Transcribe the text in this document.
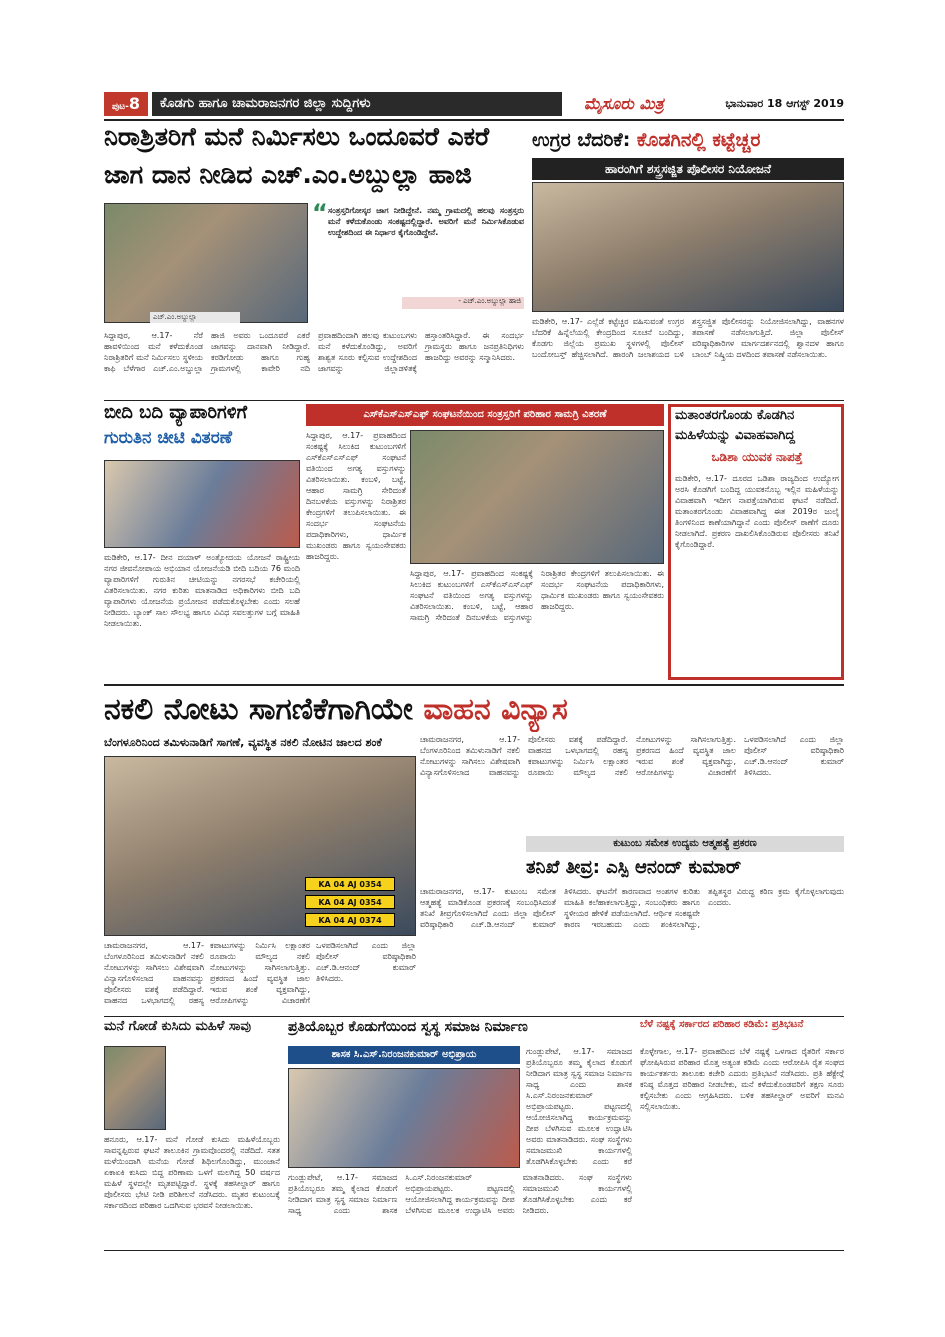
ಪುಟ-8	ಕೊಡಗು ಹಾಗೂ ಚಾಮರಾಜನಗರ ಜಿಲ್ಲಾ ಸುದ್ದಿಗಳು	ಮೈಸೂರು ಮಿತ್ರ	ಭಾನುವಾರ 18 ಆಗಸ್ಟ್ 2019
ನಿರಾಶ್ರಿತರಿಗೆ ಮನೆ ನಿರ್ಮಿಸಲು ಒಂದೂವರೆ ಎಕರೆ
ಜಾಗ ದಾನ ನೀಡಿದ ಎಚ್.ಎಂ.ಅಬ್ದುಲ್ಲಾ ಹಾಜಿ
ಎಚ್.ಎಂ.ಅಬ್ದುಲ್ಲಾ
“ ಸಂತ್ರಸ್ತರಿಗೋಸ್ಕರ ಜಾಗ ನೀಡಿದ್ದೇನೆ. ನಮ್ಮ ಗ್ರಾಮದಲ್ಲಿ ಹಲವು ಸಂತ್ರಸ್ತರು ಮನೆ ಕಳೆದುಕೊಂಡು ಸಂಕಷ್ಟದಲ್ಲಿದ್ದಾರೆ. ಅವರಿಗೆ ಮನೆ ನಿರ್ಮಿಸಿಕೊಡುವ ಉದ್ದೇಶದಿಂದ ಈ ನಿರ್ಧಾರ ಕೈಗೊಂಡಿದ್ದೇನೆ.
- ಎಚ್.ಎಂ.ಅಬ್ದುಲ್ಲಾ ಹಾಜಿ
ಸಿದ್ದಾಪುರ, ಆ.17- ನೆರೆ ಹಾವಳಿಯಿಂದ ಮನೆ ಕಳೆದುಕೊಂಡ ನಿರಾಶ್ರಿತರಿಗೆ ಮನೆ ನಿರ್ಮಿಸಲು ಸ್ಥಳೀಯ ಕಾಫಿ ಬೆಳೆಗಾರ ಎಚ್.ಎಂ.ಅಬ್ದುಲ್ಲಾ ಹಾಜಿ ಅವರು ಒಂದೂವರೆ ಎಕರೆ ಜಾಗವನ್ನು ದಾನವಾಗಿ ನೀಡಿದ್ದಾರೆ. ಕರಡಿಗೋಡು ಹಾಗೂ ಗುಹ್ಯ ಗ್ರಾಮಗಳಲ್ಲಿ ಕಾವೇರಿ ನದಿ ಪ್ರವಾಹದಿಂದಾಗಿ ಹಲವು ಕುಟುಂಬಗಳು ಮನೆ ಕಳೆದುಕೊಂಡಿದ್ದು, ಅವರಿಗೆ ಶಾಶ್ವತ ಸೂರು ಕಲ್ಪಿಸುವ ಉದ್ದೇಶದಿಂದ ಜಾಗವನ್ನು ಜಿಲ್ಲಾಡಳಿತಕ್ಕೆ ಹಸ್ತಾಂತರಿಸಿದ್ದಾರೆ. ಈ ಸಂದರ್ಭ ಗ್ರಾಮಸ್ಥರು ಹಾಗೂ ಜನಪ್ರತಿನಿಧಿಗಳು ಹಾಜರಿದ್ದು ಅವರನ್ನು ಸನ್ಮಾನಿಸಿದರು.
ಉಗ್ರರ ಬೆದರಿಕೆ: ಕೊಡಗಿನಲ್ಲಿ ಕಟ್ಟೆಚ್ಚರ
ಹಾರಂಗಿಗೆ ಶಸ್ತ್ರಸಜ್ಜಿತ ಪೊಲೀಸರ ನಿಯೋಜನೆ
ಮಡಿಕೇರಿ, ಆ.17- ಎಲ್ಲೆಡೆ ಕಟ್ಟೆಚ್ಚರ ವಹಿಸುವಂತೆ ಉಗ್ರರ ಬೆದರಿಕೆ ಹಿನ್ನೆಲೆಯಲ್ಲಿ ಕೇಂದ್ರದಿಂದ ಸೂಚನೆ ಬಂದಿದ್ದು, ಕೊಡಗು ಜಿಲ್ಲೆಯ ಪ್ರಮುಖ ಸ್ಥಳಗಳಲ್ಲಿ ಪೊಲೀಸ್ ಬಂದೋಬಸ್ತ್ ಹೆಚ್ಚಿಸಲಾಗಿದೆ. ಹಾರಂಗಿ ಜಲಾಶಯದ ಬಳಿ ಶಸ್ತ್ರಸಜ್ಜಿತ ಪೊಲೀಸರನ್ನು ನಿಯೋಜಿಸಲಾಗಿದ್ದು, ವಾಹನಗಳ ತಪಾಸಣೆ ನಡೆಸಲಾಗುತ್ತಿದೆ. ಜಿಲ್ಲಾ ಪೊಲೀಸ್ ವರಿಷ್ಠಾಧಿಕಾರಿಗಳ ಮಾರ್ಗದರ್ಶನದಲ್ಲಿ ಶ್ವಾನದಳ ಹಾಗೂ ಬಾಂಬ್ ನಿಷ್ಕ್ರಿಯ ದಳದಿಂದ ತಪಾಸಣೆ ನಡೆಸಲಾಯಿತು.
ಬೀದಿ ಬದಿ ವ್ಯಾಪಾರಿಗಳಿಗೆ
ಗುರುತಿನ ಚೀಟಿ ವಿತರಣೆ
ಮಡಿಕೇರಿ, ಆ.17- ದೀನ ದಯಾಳ್ ಅಂತ್ಯೋದಯ ಯೋಜನೆ ರಾಷ್ಟ್ರೀಯ ನಗರ ಜೀವನೋಪಾಯ ಅಭಿಯಾನ ಯೋಜನೆಯಡಿ ಬೀದಿ ಬದಿಯ 76 ಮಂದಿ ವ್ಯಾಪಾರಿಗಳಿಗೆ ಗುರುತಿನ ಚೀಟಿಯನ್ನು ನಗರಸಭೆ ಕಚೇರಿಯಲ್ಲಿ ವಿತರಿಸಲಾಯಿತು. ನಗರ ಕುರಿತು ಮಾತನಾಡಿದ ಅಧಿಕಾರಿಗಳು ಬೀದಿ ಬದಿ ವ್ಯಾಪಾರಿಗಳು ಯೋಜನೆಯ ಪ್ರಯೋಜನ ಪಡೆದುಕೊಳ್ಳಬೇಕು ಎಂದು ಸಲಹೆ ನೀಡಿದರು. ಬ್ಯಾಂಕ್ ಸಾಲ ಸೌಲಭ್ಯ ಹಾಗೂ ವಿವಿಧ ಸವಲತ್ತುಗಳ ಬಗ್ಗೆ ಮಾಹಿತಿ ನೀಡಲಾಯಿತು.
ಎಸ್‍ಕೆಎಸ್‍ಎಸ್‍ಎಫ್ ಸಂಘಟನೆಯಿಂದ ಸಂತ್ರಸ್ತರಿಗೆ ಪರಿಹಾರ ಸಾಮಗ್ರಿ ವಿತರಣೆ
ಸಿದ್ದಾಪುರ, ಆ.17- ಪ್ರವಾಹದಿಂದ ಸಂಕಷ್ಟಕ್ಕೆ ಸಿಲುಕಿದ ಕುಟುಂಬಗಳಿಗೆ ಎಸ್‍ಕೆಎಸ್‍ಎಸ್‍ಎಫ್ ಸಂಘಟನೆ ವತಿಯಿಂದ ಅಗತ್ಯ ವಸ್ತುಗಳನ್ನು ವಿತರಿಸಲಾಯಿತು. ಕಂಬಳಿ, ಬಟ್ಟೆ, ಆಹಾರ ಸಾಮಗ್ರಿ ಸೇರಿದಂತೆ ದಿನಬಳಕೆಯ ವಸ್ತುಗಳನ್ನು ನಿರಾಶ್ರಿತರ ಕೇಂದ್ರಗಳಿಗೆ ತಲುಪಿಸಲಾಯಿತು. ಈ ಸಂದರ್ಭ ಸಂಘಟನೆಯ ಪದಾಧಿಕಾರಿಗಳು, ಧಾರ್ಮಿಕ ಮುಖಂಡರು ಹಾಗೂ ಸ್ವಯಂಸೇವಕರು ಹಾಜರಿದ್ದರು.
ಸಿದ್ದಾಪುರ, ಆ.17- ಪ್ರವಾಹದಿಂದ ಸಂಕಷ್ಟಕ್ಕೆ ಸಿಲುಕಿದ ಕುಟುಂಬಗಳಿಗೆ ಎಸ್‍ಕೆಎಸ್‍ಎಸ್‍ಎಫ್ ಸಂಘಟನೆ ವತಿಯಿಂದ ಅಗತ್ಯ ವಸ್ತುಗಳನ್ನು ವಿತರಿಸಲಾಯಿತು. ಕಂಬಳಿ, ಬಟ್ಟೆ, ಆಹಾರ ಸಾಮಗ್ರಿ ಸೇರಿದಂತೆ ದಿನಬಳಕೆಯ ವಸ್ತುಗಳನ್ನು ನಿರಾಶ್ರಿತರ ಕೇಂದ್ರಗಳಿಗೆ ತಲುಪಿಸಲಾಯಿತು. ಈ ಸಂದರ್ಭ ಸಂಘಟನೆಯ ಪದಾಧಿಕಾರಿಗಳು, ಧಾರ್ಮಿಕ ಮುಖಂಡರು ಹಾಗೂ ಸ್ವಯಂಸೇವಕರು ಹಾಜರಿದ್ದರು.
ಮತಾಂತರಗೊಂಡು ಕೊಡಗಿನ
ಮಹಿಳೆಯನ್ನು ವಿವಾಹವಾಗಿದ್ದ
ಒಡಿಶಾ ಯುವಕ ನಾಪತ್ತೆ
ಮಡಿಕೇರಿ, ಆ.17- ದೂರದ ಒಡಿಶಾ ರಾಜ್ಯದಿಂದ ಉದ್ಯೋಗ ಅರಸಿ ಕೊಡಗಿಗೆ ಬಂದಿದ್ದ ಯುವಕನೊಬ್ಬ ಇಲ್ಲಿನ ಮಹಿಳೆಯನ್ನು ವಿವಾಹವಾಗಿ ಇದೀಗ ನಾಪತ್ತೆಯಾಗಿರುವ ಘಟನೆ ನಡೆದಿದೆ. ಮತಾಂತರಗೊಂಡು ವಿವಾಹವಾಗಿದ್ದ ಈತ 2019ರ ಜುಲೈ ತಿಂಗಳಿನಿಂದ ಕಾಣೆಯಾಗಿದ್ದಾನೆ ಎಂದು ಪೊಲೀಸ್ ಠಾಣೆಗೆ ದೂರು ನೀಡಲಾಗಿದೆ. ಪ್ರಕರಣ ದಾಖಲಿಸಿಕೊಂಡಿರುವ ಪೊಲೀಸರು ತನಿಖೆ ಕೈಗೊಂಡಿದ್ದಾರೆ.
ನಕಲಿ ನೋಟು ಸಾಗಣಿಕೆಗಾಗಿಯೇ ವಾಹನ ವಿನ್ಯಾಸ
ಬೆಂಗಳೂರಿನಿಂದ ತಮಿಳುನಾಡಿಗೆ ಸಾಗಣೆ, ವ್ಯವಸ್ಥಿತ ನಕಲಿ ನೋಟಿನ ಜಾಲದ ಶಂಕೆ
KA 04 AJ 0354
KA 04 AJ 0354
KA 04 AJ 0374
ಚಾಮರಾಜನಗರ, ಆ.17- ಬೆಂಗಳೂರಿನಿಂದ ತಮಿಳುನಾಡಿಗೆ ನಕಲಿ ನೋಟುಗಳನ್ನು ಸಾಗಿಸಲು ವಿಶೇಷವಾಗಿ ವಿನ್ಯಾಸಗೊಳಿಸಲಾದ ವಾಹನವನ್ನು ಪೊಲೀಸರು ವಶಕ್ಕೆ ಪಡೆದಿದ್ದಾರೆ. ವಾಹನದ ಒಳಭಾಗದಲ್ಲಿ ರಹಸ್ಯ ಕಪಾಟುಗಳನ್ನು ನಿರ್ಮಿಸಿ ಲಕ್ಷಾಂತರ ರೂಪಾಯಿ ಮೌಲ್ಯದ ನಕಲಿ ನೋಟುಗಳನ್ನು ಸಾಗಿಸಲಾಗುತ್ತಿತ್ತು. ಪ್ರಕರಣದ ಹಿಂದೆ ವ್ಯವಸ್ಥಿತ ಜಾಲ ಇರುವ ಶಂಕೆ ವ್ಯಕ್ತವಾಗಿದ್ದು, ಆರೋಪಿಗಳನ್ನು ವಿಚಾರಣೆಗೆ ಒಳಪಡಿಸಲಾಗಿದೆ ಎಂದು ಜಿಲ್ಲಾ ಪೊಲೀಸ್ ವರಿಷ್ಠಾಧಿಕಾರಿ ಎಚ್.ಡಿ.ಆನಂದ್ ಕುಮಾರ್ ತಿಳಿಸಿದರು.
ಚಾಮರಾಜನಗರ, ಆ.17- ಬೆಂಗಳೂರಿನಿಂದ ತಮಿಳುನಾಡಿಗೆ ನಕಲಿ ನೋಟುಗಳನ್ನು ಸಾಗಿಸಲು ವಿಶೇಷವಾಗಿ ವಿನ್ಯಾಸಗೊಳಿಸಲಾದ ವಾಹನವನ್ನು ಪೊಲೀಸರು ವಶಕ್ಕೆ ಪಡೆದಿದ್ದಾರೆ. ವಾಹನದ ಒಳಭಾಗದಲ್ಲಿ ರಹಸ್ಯ ಕಪಾಟುಗಳನ್ನು ನಿರ್ಮಿಸಿ ಲಕ್ಷಾಂತರ ರೂಪಾಯಿ ಮೌಲ್ಯದ ನಕಲಿ ನೋಟುಗಳನ್ನು ಸಾಗಿಸಲಾಗುತ್ತಿತ್ತು. ಪ್ರಕರಣದ ಹಿಂದೆ ವ್ಯವಸ್ಥಿತ ಜಾಲ ಇರುವ ಶಂಕೆ ವ್ಯಕ್ತವಾಗಿದ್ದು, ಆರೋಪಿಗಳನ್ನು ವಿಚಾರಣೆಗೆ ಒಳಪಡಿಸಲಾಗಿದೆ ಎಂದು ಜಿಲ್ಲಾ ಪೊಲೀಸ್ ವರಿಷ್ಠಾಧಿಕಾರಿ ಎಚ್.ಡಿ.ಆನಂದ್ ಕುಮಾರ್ ತಿಳಿಸಿದರು.
ಕುಟುಂಬ ಸಮೇತ ಉದ್ಯಮ ಆತ್ಮಹತ್ಯೆ ಪ್ರಕರಣ
ತನಿಖೆ ತೀವ್ರ: ಎಸ್ಪಿ ಆನಂದ್ ಕುಮಾರ್
ಚಾಮರಾಜನಗರ, ಆ.17- ಕುಟುಂಬ ಸಮೇತ ಆತ್ಮಹತ್ಯೆ ಮಾಡಿಕೊಂಡ ಪ್ರಕರಣಕ್ಕೆ ಸಂಬಂಧಿಸಿದಂತೆ ತನಿಖೆ ತೀವ್ರಗೊಳಿಸಲಾಗಿದೆ ಎಂದು ಜಿಲ್ಲಾ ಪೊಲೀಸ್ ವರಿಷ್ಠಾಧಿಕಾರಿ ಎಚ್.ಡಿ.ಆನಂದ್ ಕುಮಾರ್ ತಿಳಿಸಿದರು. ಘಟನೆಗೆ ಕಾರಣವಾದ ಅಂಶಗಳ ಕುರಿತು ಮಾಹಿತಿ ಕಲೆಹಾಕಲಾಗುತ್ತಿದ್ದು, ಸಂಬಂಧಿಕರು ಹಾಗೂ ಸ್ಥಳೀಯರ ಹೇಳಿಕೆ ಪಡೆಯಲಾಗಿದೆ. ಆರ್ಥಿಕ ಸಂಕಷ್ಟವೇ ಕಾರಣ ಇರಬಹುದು ಎಂದು ಶಂಕಿಸಲಾಗಿದ್ದು, ತಪ್ಪಿತಸ್ಥರ ವಿರುದ್ಧ ಕಠಿಣ ಕ್ರಮ ಕೈಗೊಳ್ಳಲಾಗುವುದು ಎಂದರು.
ಮನೆ ಗೋಡೆ ಕುಸಿದು ಮಹಿಳೆ ಸಾವು
ಹನೂರು, ಆ.17- ಮನೆ ಗೋಡೆ ಕುಸಿದು ಮಹಿಳೆಯೊಬ್ಬರು ಸಾವನ್ನಪ್ಪಿರುವ ಘಟನೆ ತಾಲೂಕಿನ ಗ್ರಾಮವೊಂದರಲ್ಲಿ ನಡೆದಿದೆ. ಸತತ ಮಳೆಯಿಂದಾಗಿ ಮನೆಯ ಗೋಡೆ ಶಿಥಿಲಗೊಂಡಿದ್ದು, ಮುಂಜಾನೆ ಏಕಾಏಕಿ ಕುಸಿದು ಬಿದ್ದ ಪರಿಣಾಮ ಒಳಗೆ ಮಲಗಿದ್ದ 50 ವರ್ಷದ ಮಹಿಳೆ ಸ್ಥಳದಲ್ಲೇ ಮೃತಪಟ್ಟಿದ್ದಾರೆ. ಸ್ಥಳಕ್ಕೆ ತಹಸೀಲ್ದಾರ್ ಹಾಗೂ ಪೊಲೀಸರು ಭೇಟಿ ನೀಡಿ ಪರಿಶೀಲನೆ ನಡೆಸಿದರು. ಮೃತರ ಕುಟುಂಬಕ್ಕೆ ಸರ್ಕಾರದಿಂದ ಪರಿಹಾರ ಒದಗಿಸುವ ಭರವಸೆ ನೀಡಲಾಯಿತು.
ಪ್ರತಿಯೊಬ್ಬರ ಕೊಡುಗೆಯಿಂದ ಸ್ವಸ್ಥ ಸಮಾಜ ನಿರ್ಮಾಣ
ಶಾಸಕ ಸಿ.ಎಸ್.ನಿರಂಜನಕುಮಾರ್ ಅಭಿಪ್ರಾಯ
ಗುಂಡ್ಲುಪೇಟೆ, ಆ.17- ಸಮಾಜದ ಪ್ರತಿಯೊಬ್ಬರೂ ತಮ್ಮ ಕೈಲಾದ ಕೊಡುಗೆ ನೀಡಿದಾಗ ಮಾತ್ರ ಸ್ವಸ್ಥ ಸಮಾಜ ನಿರ್ಮಾಣ ಸಾಧ್ಯ ಎಂದು ಶಾಸಕ ಸಿ.ಎಸ್.ನಿರಂಜನಕುಮಾರ್ ಅಭಿಪ್ರಾಯಪಟ್ಟರು. ಪಟ್ಟಣದಲ್ಲಿ ಆಯೋಜಿಸಲಾಗಿದ್ದ ಕಾರ್ಯಕ್ರಮವನ್ನು ದೀಪ ಬೆಳಗಿಸುವ ಮೂಲಕ ಉದ್ಘಾಟಿಸಿ ಅವರು ಮಾತನಾಡಿದರು. ಸಂಘ ಸಂಸ್ಥೆಗಳು ಸಮಾಜಮುಖಿ ಕಾರ್ಯಗಳಲ್ಲಿ ತೊಡಗಿಸಿಕೊಳ್ಳಬೇಕು ಎಂದು ಕರೆ ನೀಡಿದರು.
ಗುಂಡ್ಲುಪೇಟೆ, ಆ.17- ಸಮಾಜದ ಪ್ರತಿಯೊಬ್ಬರೂ ತಮ್ಮ ಕೈಲಾದ ಕೊಡುಗೆ ನೀಡಿದಾಗ ಮಾತ್ರ ಸ್ವಸ್ಥ ಸಮಾಜ ನಿರ್ಮಾಣ ಸಾಧ್ಯ ಎಂದು ಶಾಸಕ ಸಿ.ಎಸ್.ನಿರಂಜನಕುಮಾರ್ ಅಭಿಪ್ರಾಯಪಟ್ಟರು. ಪಟ್ಟಣದಲ್ಲಿ ಆಯೋಜಿಸಲಾಗಿದ್ದ ಕಾರ್ಯಕ್ರಮವನ್ನು ದೀಪ ಬೆಳಗಿಸುವ ಮೂಲಕ ಉದ್ಘಾಟಿಸಿ ಅವರು ಮಾತನಾಡಿದರು. ಸಂಘ ಸಂಸ್ಥೆಗಳು ಸಮಾಜಮುಖಿ ಕಾರ್ಯಗಳಲ್ಲಿ ತೊಡಗಿಸಿಕೊಳ್ಳಬೇಕು ಎಂದು ಕರೆ
ಬೆಳೆ ನಷ್ಟಕ್ಕೆ ಸರ್ಕಾರದ ಪರಿಹಾರ ಕಡಿಮೆ: ಪ್ರತಿಭಟನೆ
ಕೊಳ್ಳೇಗಾಲ, ಆ.17- ಪ್ರವಾಹದಿಂದ ಬೆಳೆ ನಷ್ಟಕ್ಕೆ ಒಳಗಾದ ರೈತರಿಗೆ ಸರ್ಕಾರ ಘೋಷಿಸಿರುವ ಪರಿಹಾರ ಮೊತ್ತ ಅತ್ಯಂತ ಕಡಿಮೆ ಎಂದು ಆರೋಪಿಸಿ ರೈತ ಸಂಘದ ಕಾರ್ಯಕರ್ತರು ತಾಲೂಕು ಕಚೇರಿ ಎದುರು ಪ್ರತಿಭಟನೆ ನಡೆಸಿದರು. ಪ್ರತಿ ಹೆಕ್ಟೇರ್‍ಗೆ ಕನಿಷ್ಠ ಮೊತ್ತದ ಪರಿಹಾರ ನೀಡಬೇಕು, ಮನೆ ಕಳೆದುಕೊಂಡವರಿಗೆ ತಕ್ಷಣ ಸೂರು ಕಲ್ಪಿಸಬೇಕು ಎಂದು ಆಗ್ರಹಿಸಿದರು. ಬಳಿಕ ತಹಸೀಲ್ದಾರ್ ಅವರಿಗೆ ಮನವಿ ಸಲ್ಲಿಸಲಾಯಿತು.
